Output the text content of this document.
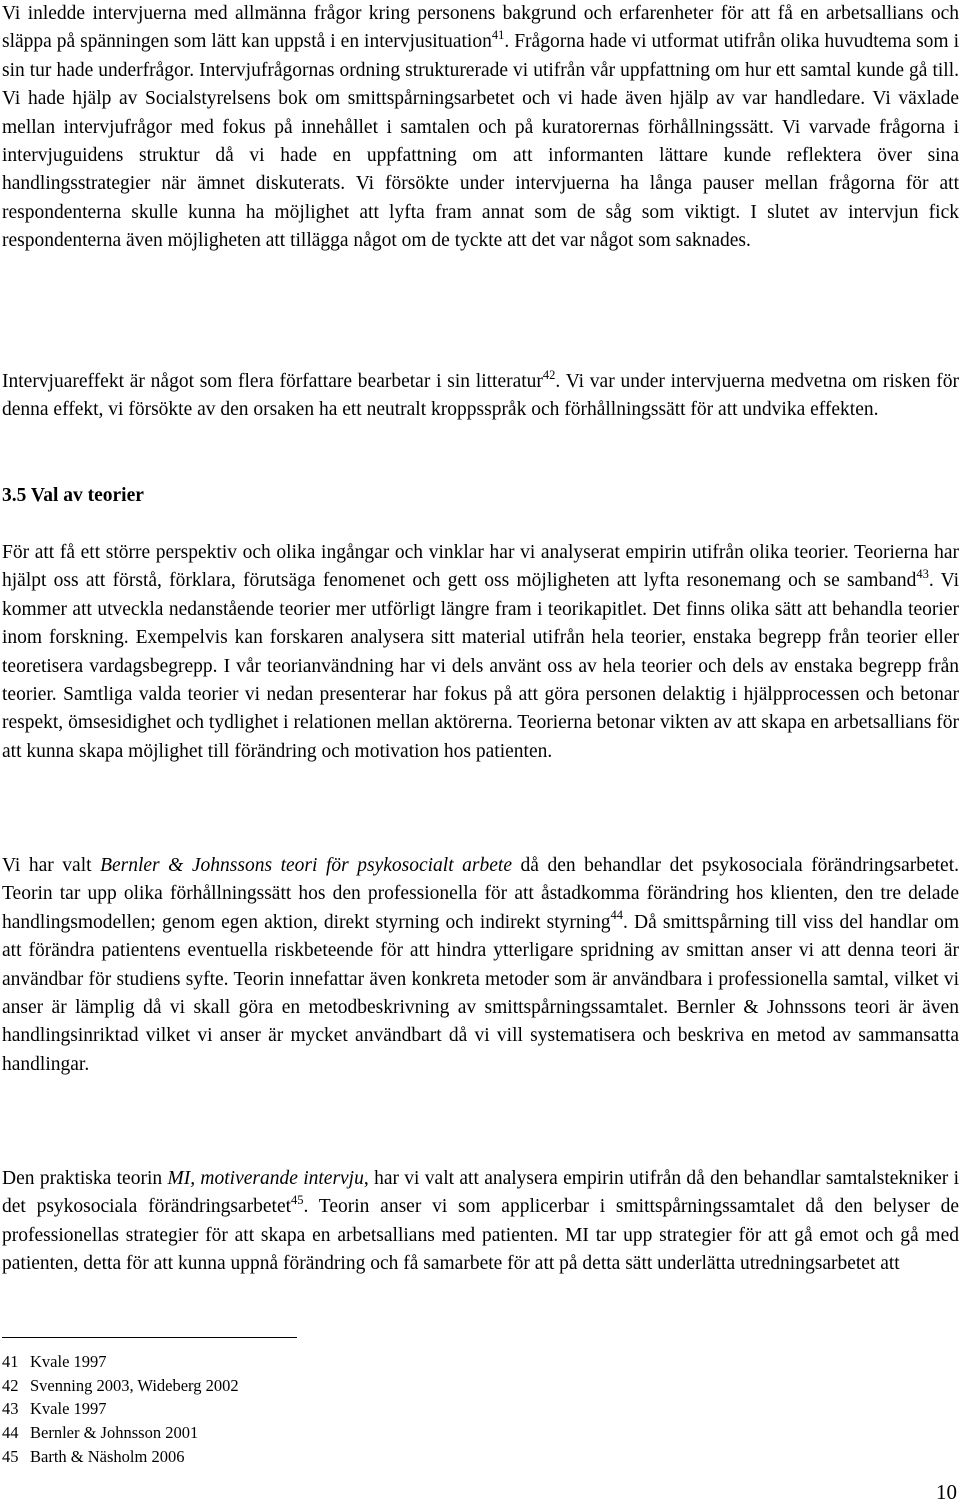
Vi inledde intervjuerna med allmänna frågor kring personens bakgrund och erfarenheter för att få en arbetsallians och släppa på spänningen som lätt kan uppstå i en intervjusituation$^{41}$. Frågorna hade vi utformat utifrån olika huvudtema som i sin tur hade underfrågor. Intervjufrågornas ordning strukturerade vi utifrån vår uppfattning om hur ett samtal kunde gå till. Vi hade hjälp av Socialstyrelsens bok om smittspårningsarbetet och vi hade även hjälp av var handledare. Vi växlade mellan intervjufrågor med fokus på innehållet i samtalen och på kuratorernas förhållningssätt. Vi varvade frågorna i intervjuguidens struktur då vi hade en uppfattning om att informanten lättare kunde reflektera över sina handlingsstrategier när ämnet diskuterats. Vi försökte under intervjuerna ha långa pauser mellan frågorna för att respondenterna skulle kunna ha möjlighet att lyfta fram annat som de såg som viktigt. I slutet av intervjun fick respondenterna även möjligheten att tillägga något om de tyckte att det var något som saknades.

Intervjuareffekt är något som flera författare bearbetar i sin litteratur$^{42}$. Vi var under intervjuerna medvetna om risken för denna effekt, vi försökte av den orsaken ha ett neutralt kroppsspråk och förhållningssätt för att undvika effekten.

3.5 Val av teorier

För att få ett större perspektiv och olika ingångar och vinklar har vi analyserat empirin utifrån olika teorier. Teorierna har hjälpt oss att förstå, förklara, förutsäga fenomenet och gett oss möjligheten att lyfta resonemang och se samband$^{43}$. Vi kommer att utveckla nedanstående teorier mer utförligt längre fram i teorikapitlet. Det finns olika sätt att behandla teorier inom forskning. Exempelvis kan forskaren analysera sitt material utifrån hela teorier, enstaka begrepp från teorier eller teoretisera vardagsbegrepp. I vår teorianvändning har vi dels använt oss av hela teorier och dels av enstaka begrepp från teorier. Samtliga valda teorier vi nedan presenterar har fokus på att göra personen delaktig i hjälpprocessen och betonar respekt, ömsesidighet och tydlighet i relationen mellan aktörerna. Teorierna betonar vikten av att skapa en arbetsallians för att kunna skapa möjlighet till förändring och motivation hos patienten.

Vi har valt Bernler & Johnssons teori för psykosocialt arbete då den behandlar det psykosociala förändringsarbetet. Teorin tar upp olika förhållningssätt hos den professionella för att åstadkomma förändring hos klienten, den tre delade handlingsmodellen; genom egen aktion, direkt styrning och indirekt styrning$^{44}$. Då smittspårning till viss del handlar om att förändra patientens eventuella riskbeteende för att hindra ytterligare spridning av smittan anser vi att denna teori är användbar för studiens syfte. Teorin innefattar även konkreta metoder som är användbara i professionella samtal, vilket vi anser är lämplig då vi skall göra en metodbeskrivning av smittspårningssamtalet. Bernler & Johnssons teori är även handlingsinriktad vilket vi anser är mycket användbart då vi vill systematisera och beskriva en metod av sammansatta handlingar.

Den praktiska teorin MI, motiverande intervju, har vi valt att analysera empirin utifrån då den behandlar samtalstekniker i det psykosociala förändringsarbetet$^{45}$. Teorin anser vi som applicerbar i smittspårningssamtalet då den belyser de professionellas strategier för att skapa en arbetsallians med patienten. MI tar upp strategier för att gå emot och gå med patienten, detta för att kunna uppnå förändring och få samarbete för att på detta sätt underlätta utredningsarbetet att

41 Kvale 1997
42 Svenning 2003, Wideberg 2002
43 Kvale 1997
44 Bernler & Johnsson 2001
45 Barth & Näsholm 2006
10
